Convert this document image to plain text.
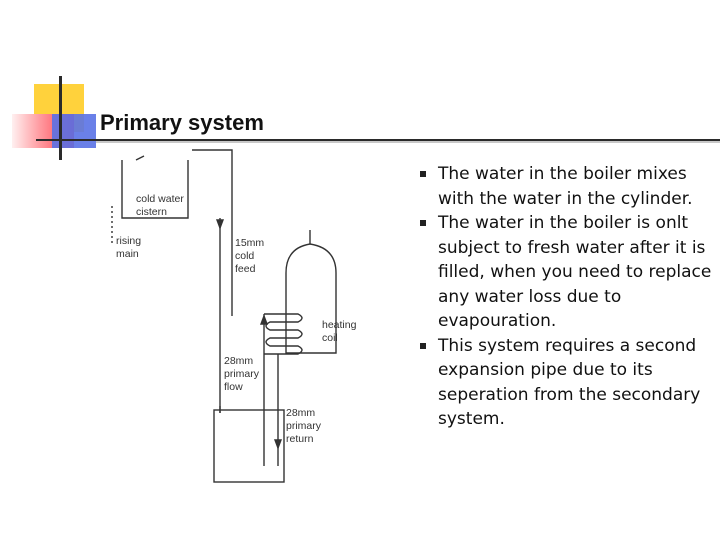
Primary system
cold water
cistern
rising
main
15mm
cold
feed
heating
coil
28mm
primary
flow
28mm
primary
return
The water in the boiler mixes with the water in the cylinder.
The water in the boiler is onlt subject to fresh water after it is filled, when you need to replace any water loss due to evapouration.
This system requires a second expansion pipe due to its seperation from the secondary system.
